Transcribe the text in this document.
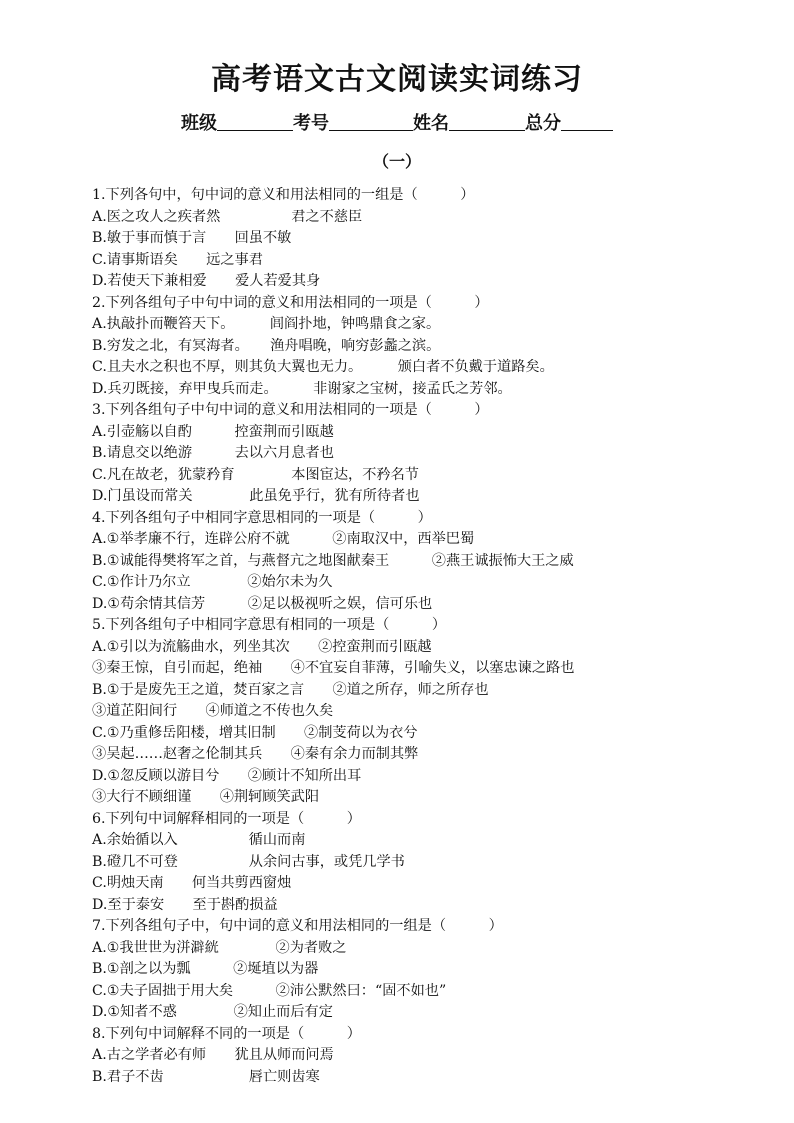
高考语文古文阅读实词练习
班级	考号	姓名	总分
（一）
1.下列各句中，句中词的意义和用法相同的一组是（　　　）
A.医之攻人之疾者然　　　　　君之不慈臣
B.敏于事而慎于言　　回虽不敏
C.请事斯语矣　　远之事君
D.若使天下兼相爱　　爱人若爱其身
2.下列各组句子中句中词的意义和用法相同的一项是（　　　）
A.执敲扑而鞭笞天下。　　　闾阎扑地，钟鸣鼎食之家。
B.穷发之北，有冥海者。　　渔舟唱晚，响穷彭蠡之滨。
C.且夫水之积也不厚，则其负大翼也无力。　　　颁白者不负戴于道路矣。
D.兵刃既接，弃甲曳兵而走。　　　非谢家之宝树，接孟氏之芳邻。
3.下列各组句子中句中词的意义和用法相同的一项是（　　　）
A.引壶觞以自酌　　　控蛮荆而引瓯越
B.请息交以绝游　　　去以六月息者也
C.凡在故老，犹蒙矜育　　　　本图宦达，不矜名节
D.门虽设而常关　　　　此虽免乎行，犹有所待者也
4.下列各组句子中相同字意思相同的一项是（　　　）
A.①举孝廉不行，连辟公府不就　　　②南取汉中，西举巴蜀
B.①诚能得樊将军之首，与燕督亢之地图献秦王　　　②燕王诚振怖大王之威
C.①作计乃尔立　　　　②始尔未为久
D.①苟余情其信芳　　　②足以极视听之娱，信可乐也
5.下列各组句子中相同字意思有相同的一项是（　　　）
A.①引以为流觞曲水，列坐其次　　②控蛮荆而引瓯越
③秦王惊，自引而起，绝袖　　④不宜妄自菲薄，引喻失义，以塞忠谏之路也
B.①于是废先王之道，焚百家之言　　②道之所存，师之所存也
③道芷阳间行　　④师道之不传也久矣
C.①乃重修岳阳楼，增其旧制　　②制芰荷以为衣兮
③吴起……赵奢之伦制其兵　　④秦有余力而制其弊
D.①忽反顾以游目兮　　②顾计不知所出耳
③大行不顾细谨　　④荆轲顾笑武阳
6.下列句中词解释相同的一项是（　　　）
A.余始循以入　　　　　循山而南
B.磴几不可登　　　　　从余问古事，或凭几学书
C.明烛天南　　何当共剪西窗烛
D.至于泰安　　至于斟酌损益
7.下列各组句子中，句中词的意义和用法相同的一组是（　　　）
A.①我世世为洴澼絖　　　　②为者败之
B.①剖之以为瓢　　　②埏埴以为器
C.①夫子固拙于用大矣　　　②沛公默然曰：“固不如也”
D.①知者不惑　　　　②知止而后有定
8.下列句中词解释不同的一项是（　　　）
A.古之学者必有师　　犹且从师而问焉
B.君子不齿　　　　　　唇亡则齿寒
